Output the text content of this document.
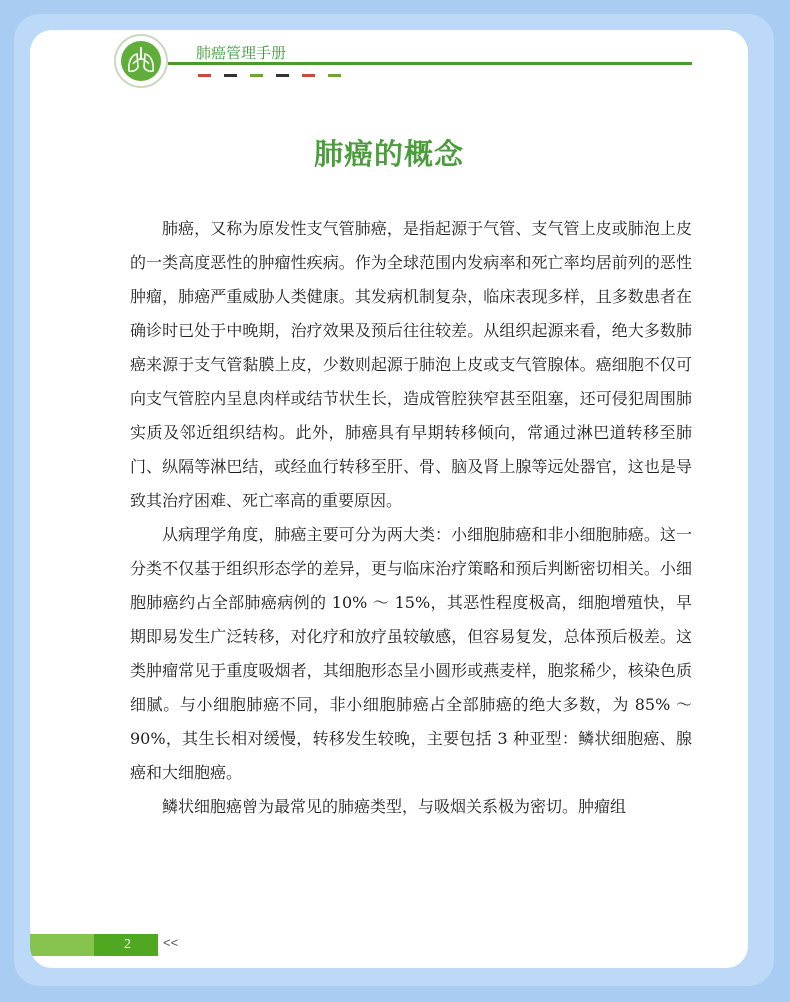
肺癌管理手册
肺癌的概念

肺癌，又称为原发性支气管肺癌，是指起源于气管、支气管上皮或肺泡上皮的一类高度恶性的肿瘤性疾病。作为全球范围内发病率和死亡率均居前列的恶性肿瘤，肺癌严重威胁人类健康。其发病机制复杂，临床表现多样，且多数患者在确诊时已处于中晚期，治疗效果及预后往往较差。从组织起源来看，绝大多数肺癌来源于支气管黏膜上皮，少数则起源于肺泡上皮或支气管腺体。癌细胞不仅可向支气管腔内呈息肉样或结节状生长，造成管腔狭窄甚至阻塞，还可侵犯周围肺实质及邻近组织结构。此外，肺癌具有早期转移倾向，常通过淋巴道转移至肺门、纵隔等淋巴结，或经血行转移至肝、骨、脑及肾上腺等远处器官，这也是导致其治疗困难、死亡率高的重要原因。

从病理学角度，肺癌主要可分为两大类：小细胞肺癌和非小细胞肺癌。这一分类不仅基于组织形态学的差异，更与临床治疗策略和预后判断密切相关。小细胞肺癌约占全部肺癌病例的 10% ～ 15%，其恶性程度极高，细胞增殖快，早期即易发生广泛转移，对化疗和放疗虽较敏感，但容易复发，总体预后极差。这类肿瘤常见于重度吸烟者，其细胞形态呈小圆形或燕麦样，胞浆稀少，核染色质细腻。与小细胞肺癌不同，非小细胞肺癌占全部肺癌的绝大多数，为 85% ～ 90%，其生长相对缓慢，转移发生较晚，主要包括 3 种亚型：鳞状细胞癌、腺癌和大细胞癌。

鳞状细胞癌曾为最常见的肺癌类型，与吸烟关系极为密切。肿瘤组

2 <<
